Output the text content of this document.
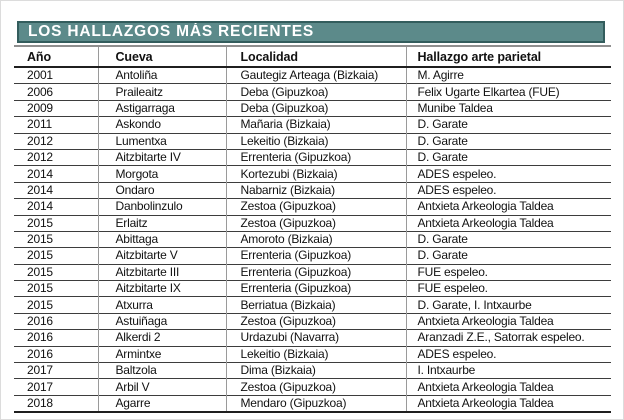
LOS HALLAZGOS MÁS RECIENTES
Año	Cueva	Localidad	Hallazgo arte parietal
2001	Antoliña	Gautegiz Arteaga (Bizkaia)	M. Agirre
2006	Praileaitz	Deba (Gipuzkoa)	Felix Ugarte Elkartea (FUE)
2009	Astigarraga	Deba (Gipuzkoa)	Munibe Taldea
2011	Askondo	Mañaria (Bizkaia)	D. Garate
2012	Lumentxa	Lekeitio (Bizkaia)	D. Garate
2012	Aitzbitarte IV	Errenteria (Gipuzkoa)	D. Garate
2014	Morgota	Kortezubi (Bizkaia)	ADES espeleo.
2014	Ondaro	Nabarniz (Bizkaia)	ADES espeleo.
2014	Danbolinzulo	Zestoa (Gipuzkoa)	Antxieta Arkeologia Taldea
2015	Erlaitz	Zestoa (Gipuzkoa)	Antxieta Arkeologia Taldea
2015	Abittaga	Amoroto (Bizkaia)	D. Garate
2015	Aitzbitarte V	Errenteria (Gipuzkoa)	D. Garate
2015	Aitzbitarte III	Errenteria (Gipuzkoa)	FUE espeleo.
2015	Aitzbitarte IX	Errenteria (Gipuzkoa)	FUE espeleo.
2015	Atxurra	Berriatua (Bizkaia)	D. Garate, I. Intxaurbe
2016	Astuiñaga	Zestoa (Gipuzkoa)	Antxieta Arkeologia Taldea
2016	Alkerdi 2	Urdazubi (Navarra)	Aranzadi Z.E., Satorrak espeleo.
2016	Armintxe	Lekeitio (Bizkaia)	ADES espeleo.
2017	Baltzola	Dima (Bizkaia)	I. Intxaurbe
2017	Arbil V	Zestoa (Gipuzkoa)	Antxieta Arkeologia Taldea
2018	Agarre	Mendaro (Gipuzkoa)	Antxieta Arkeologia Taldea
